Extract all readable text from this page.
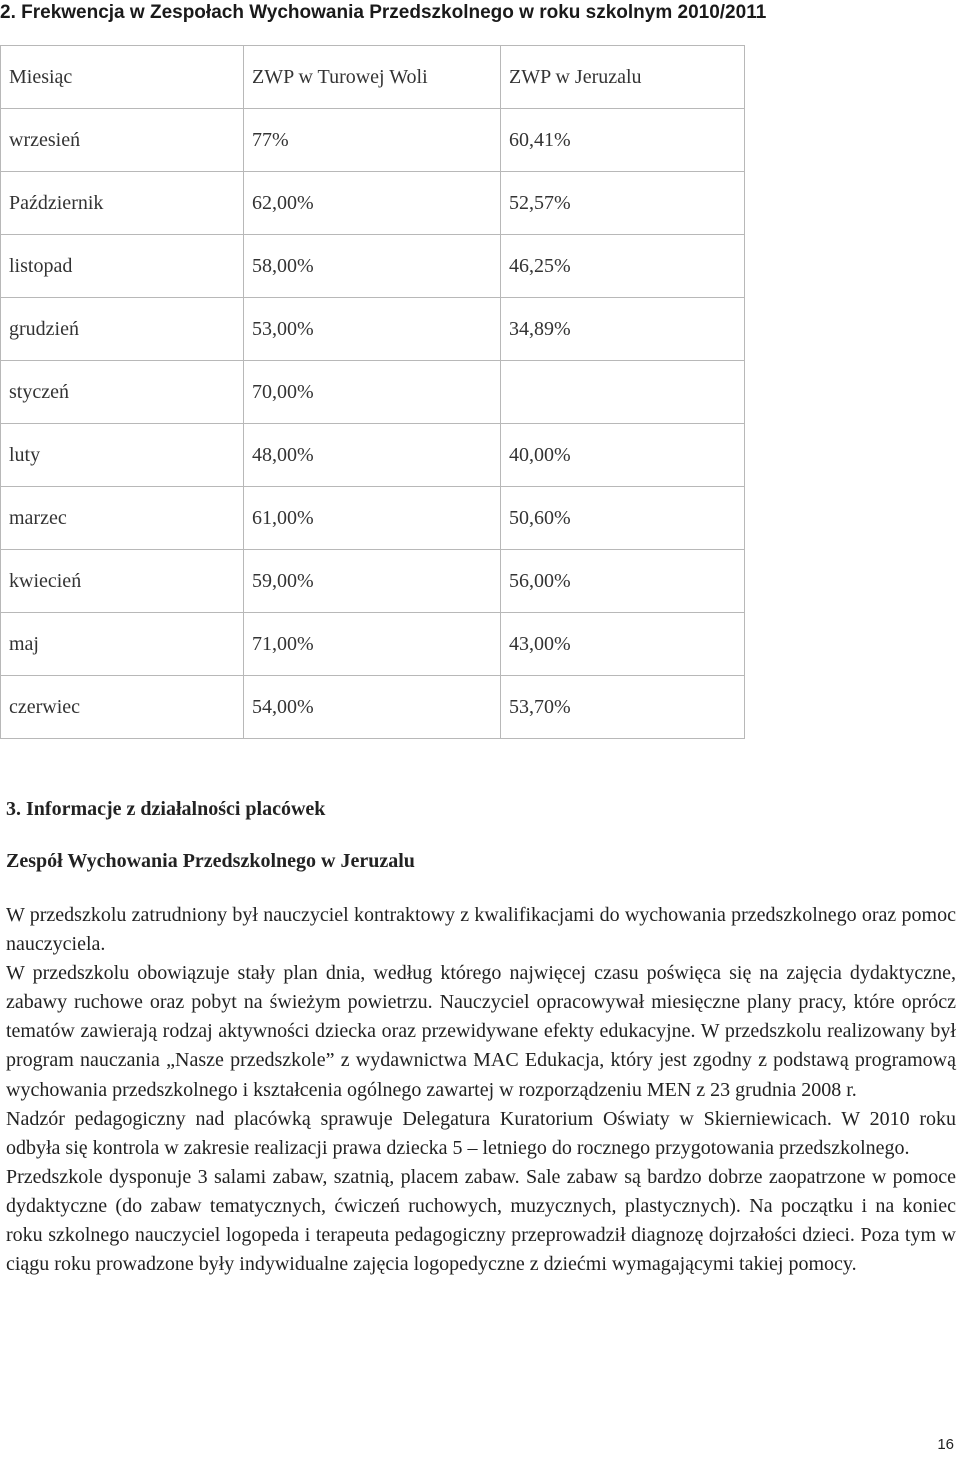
2. Frekwencja w Zespołach Wychowania Przedszkolnego w roku szkolnym 2010/2011
Miesiąc	ZWP w Turowej Woli	ZWP w Jeruzalu
wrzesień	77%	60,41%
Październik	62,00%	52,57%
listopad	58,00%	46,25%
grudzień	53,00%	34,89%
styczeń	70,00%	
luty	48,00%	40,00%
marzec	61,00%	50,60%
kwiecień	59,00%	56,00%
maj	71,00%	43,00%
czerwiec	54,00%	53,70%
3. Informacje z działalności placówek
Zespół Wychowania Przedszkolnego w Jeruzalu

W przedszkolu zatrudniony był nauczyciel kontraktowy z kwalifikacjami do wychowania przedszkolnego oraz pomoc nauczyciela.

W przedszkolu obowiązuje stały plan dnia, według którego najwięcej czasu poświęca się na zajęcia dydaktyczne, zabawy ruchowe oraz pobyt na świeżym powietrzu. Nauczyciel opracowywał miesięczne plany pracy, które oprócz tematów zawierają rodzaj aktywności dziecka oraz przewidywane efekty edukacyjne. W przedszkolu realizowany był program nauczania „Nasze przedszkole” z wydawnictwa MAC Edukacja, który jest zgodny z podstawą programową wychowania przedszkolnego i kształcenia ogólnego zawartej w rozporządzeniu MEN z 23 grudnia 2008 r.

Nadzór pedagogiczny nad placówką sprawuje Delegatura Kuratorium Oświaty w Skierniewicach. W 2010 roku odbyła się kontrola w zakresie realizacji prawa dziecka 5 – letniego do rocznego przygotowania przedszkolnego.

Przedszkole dysponuje 3 salami zabaw, szatnią, placem zabaw. Sale zabaw są bardzo dobrze zaopatrzone w pomoce dydaktyczne (do zabaw tematycznych, ćwiczeń ruchowych, muzycznych, plastycznych). Na początku i na koniec roku szkolnego nauczyciel logopeda i terapeuta pedagogiczny przeprowadził diagnozę dojrzałości dzieci. Poza tym w ciągu roku prowadzone były indywidualne zajęcia logopedyczne z dziećmi wymagającymi takiej pomocy.

16
